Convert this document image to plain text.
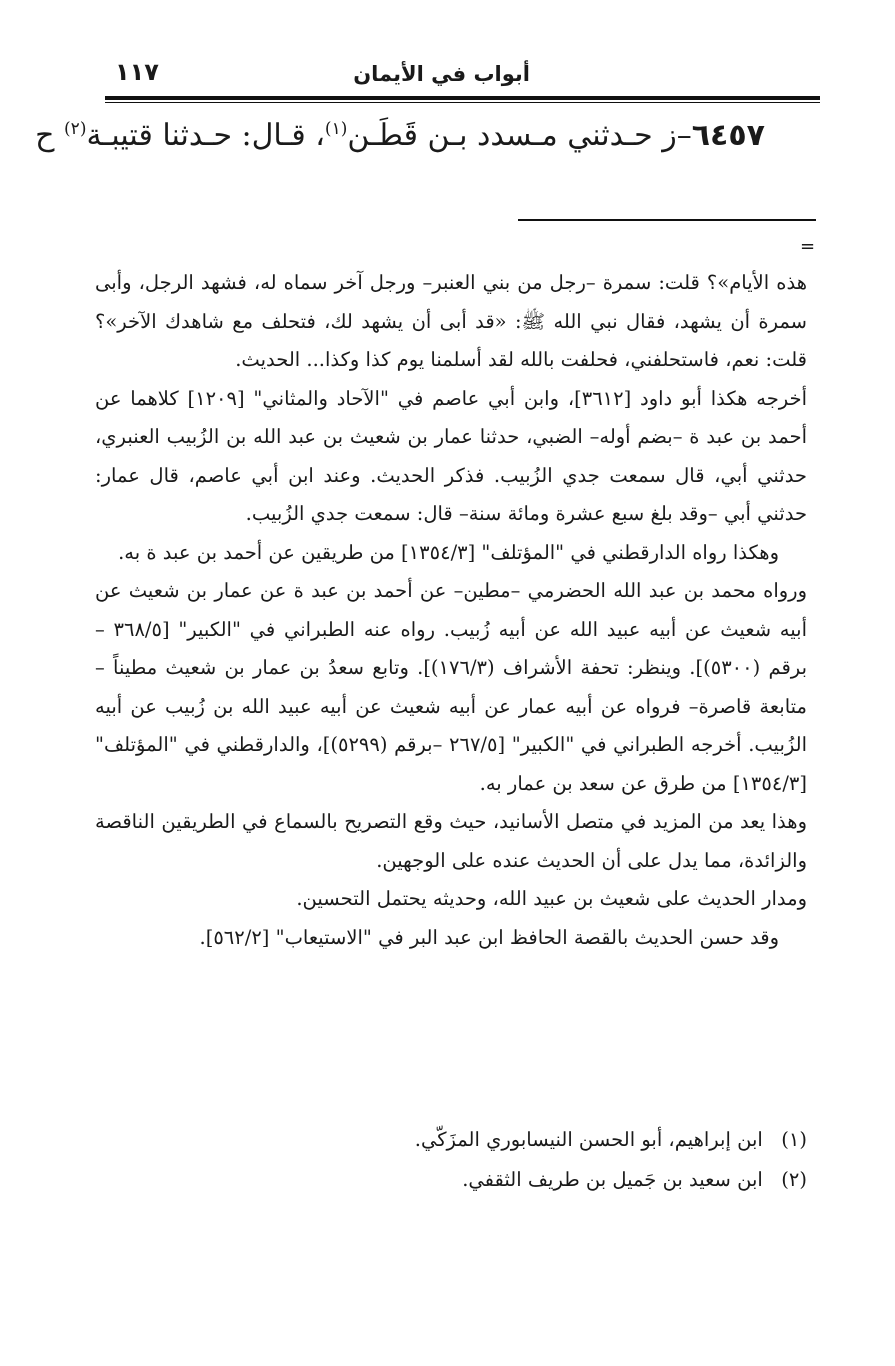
أبواب في الأيمان
١١٧
٦٤٥٧–ز حـدثني مـسدد بـن قَطَـن$^{(١)}$، قـال: حـدثنا قتيبـة$^{(٢)}$ ح
=

هذه الأيام»؟ قلت: سمرة –رجل من بني العنبر– ورجل آخر سماه له، فشهد الرجل، وأبى سمرة أن يشهد، فقال نبي الله ﷺ: «قد أبى أن يشهد لك، فتحلف مع شاهدك الآخر»؟ قلت: نعم، فاستحلفني، فحلفت بالله لقد أسلمنا يوم كذا وكذا... الحديث.

أخرجه هكذا أبو داود [٣٦١٢]، وابن أبي عاصم في "الآحاد والمثاني" [١٢٠٩] كلاهما عن أحمد بن عبد ة –بضم أوله– الضبي، حدثنا عمار بن شعيث بن عبد الله بن الزُبيب العنبري، حدثني أبي، قال سمعت جدي الزُبيب. فذكر الحديث. وعند ابن أبي عاصم، قال عمار: حدثني أبي –وقد بلغ سبع عشرة ومائة سنة– قال: سمعت جدي الزُبيب.

وهكذا رواه الدارقطني في "المؤتلف" [١٣٥٤/٣] من طريقين عن أحمد بن عبد ة به.

ورواه محمد بن عبد الله الحضرمي –مطين– عن أحمد بن عبد ة عن عمار بن شعيث عن أبيه شعيث عن أبيه عبيد الله عن أبيه زُبيب. رواه عنه الطبراني في "الكبير" [٣٦٨/٥ –برقم (٥٣٠٠)]. وينظر: تحفة الأشراف (١٧٦/٣)]. وتابع سعدُ بن عمار بن شعيث مطيناً –متابعة قاصرة– فرواه عن أبيه عمار عن أبيه شعيث عن أبيه عبيد الله بن زُبيب عن أبيه الزُبيب. أخرجه الطبراني في "الكبير" [٢٦٧/٥ –برقم (٥٢٩٩)]، والدارقطني في "المؤتلف" [١٣٥٤/٣] من طرق عن سعد بن عمار به.

وهذا يعد من المزيد في متصل الأسانيد، حيث وقع التصريح بالسماع في الطريقين الناقصة والزائدة، مما يدل على أن الحديث عنده على الوجهين.

ومدار الحديث على شعيث بن عبيد الله، وحديثه يحتمل التحسين.

وقد حسن الحديث بالقصة الحافظ ابن عبد البر في "الاستيعاب" [٥٦٢/٢].

(١) ابن إبراهيم، أبو الحسن النيسابوري المزَكّي.

(٢) ابن سعيد بن جَميل بن طريف الثقفي.
